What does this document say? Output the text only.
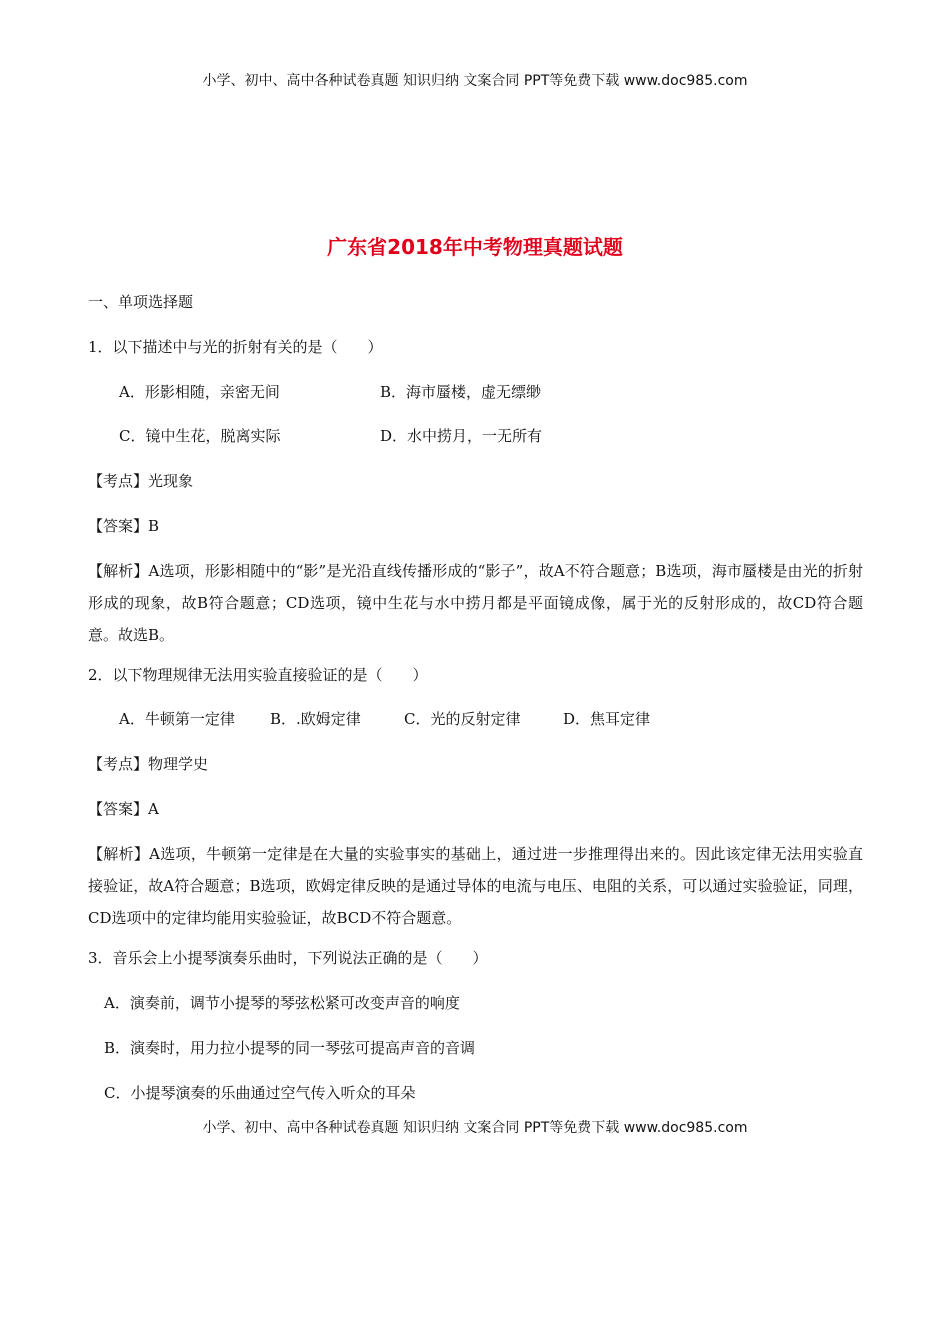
小学、初中、高中各种试卷真题 知识归纳 文案合同 PPT等免费下载 www.doc985.com
广东省2018年中考物理真题试题
一、单项选择题
1．以下描述中与光的折射有关的是（　　）
A．形影相随，亲密无间	B．海市蜃楼，虚无缥缈
C．镜中生花，脱离实际	D．水中捞月，一无所有
【考点】光现象
【答案】B
【解析】A选项，形影相随中的“影”是光沿直线传播形成的“影子”，故A不符合题意；B选项，海市蜃楼是由光的折射形成的现象，故B符合题意；CD选项，镜中生花与水中捞月都是平面镜成像，属于光的反射形成的，故CD符合题意。故选B。
2．以下物理规律无法用实验直接验证的是（　　）
A．牛顿第一定律 B．.欧姆定律	C．光的反射定律	D．焦耳定律
【考点】物理学史
【答案】A
【解析】A选项，牛顿第一定律是在大量的实验事实的基础上，通过进一步推理得出来的。因此该定律无法用实验直接验证，故A符合题意；B选项，欧姆定律反映的是通过导体的电流与电压、电阻的关系，可以通过实验验证，同理，CD选项中的定律均能用实验验证，故BCD不符合题意。
3．音乐会上小提琴演奏乐曲时，下列说法正确的是（　　）
A．演奏前，调节小提琴的琴弦松紧可改变声音的响度
B．演奏时，用力拉小提琴的同一琴弦可提高声音的音调
C．小提琴演奏的乐曲通过空气传入听众的耳朵
小学、初中、高中各种试卷真题 知识归纳 文案合同 PPT等免费下载 www.doc985.com
